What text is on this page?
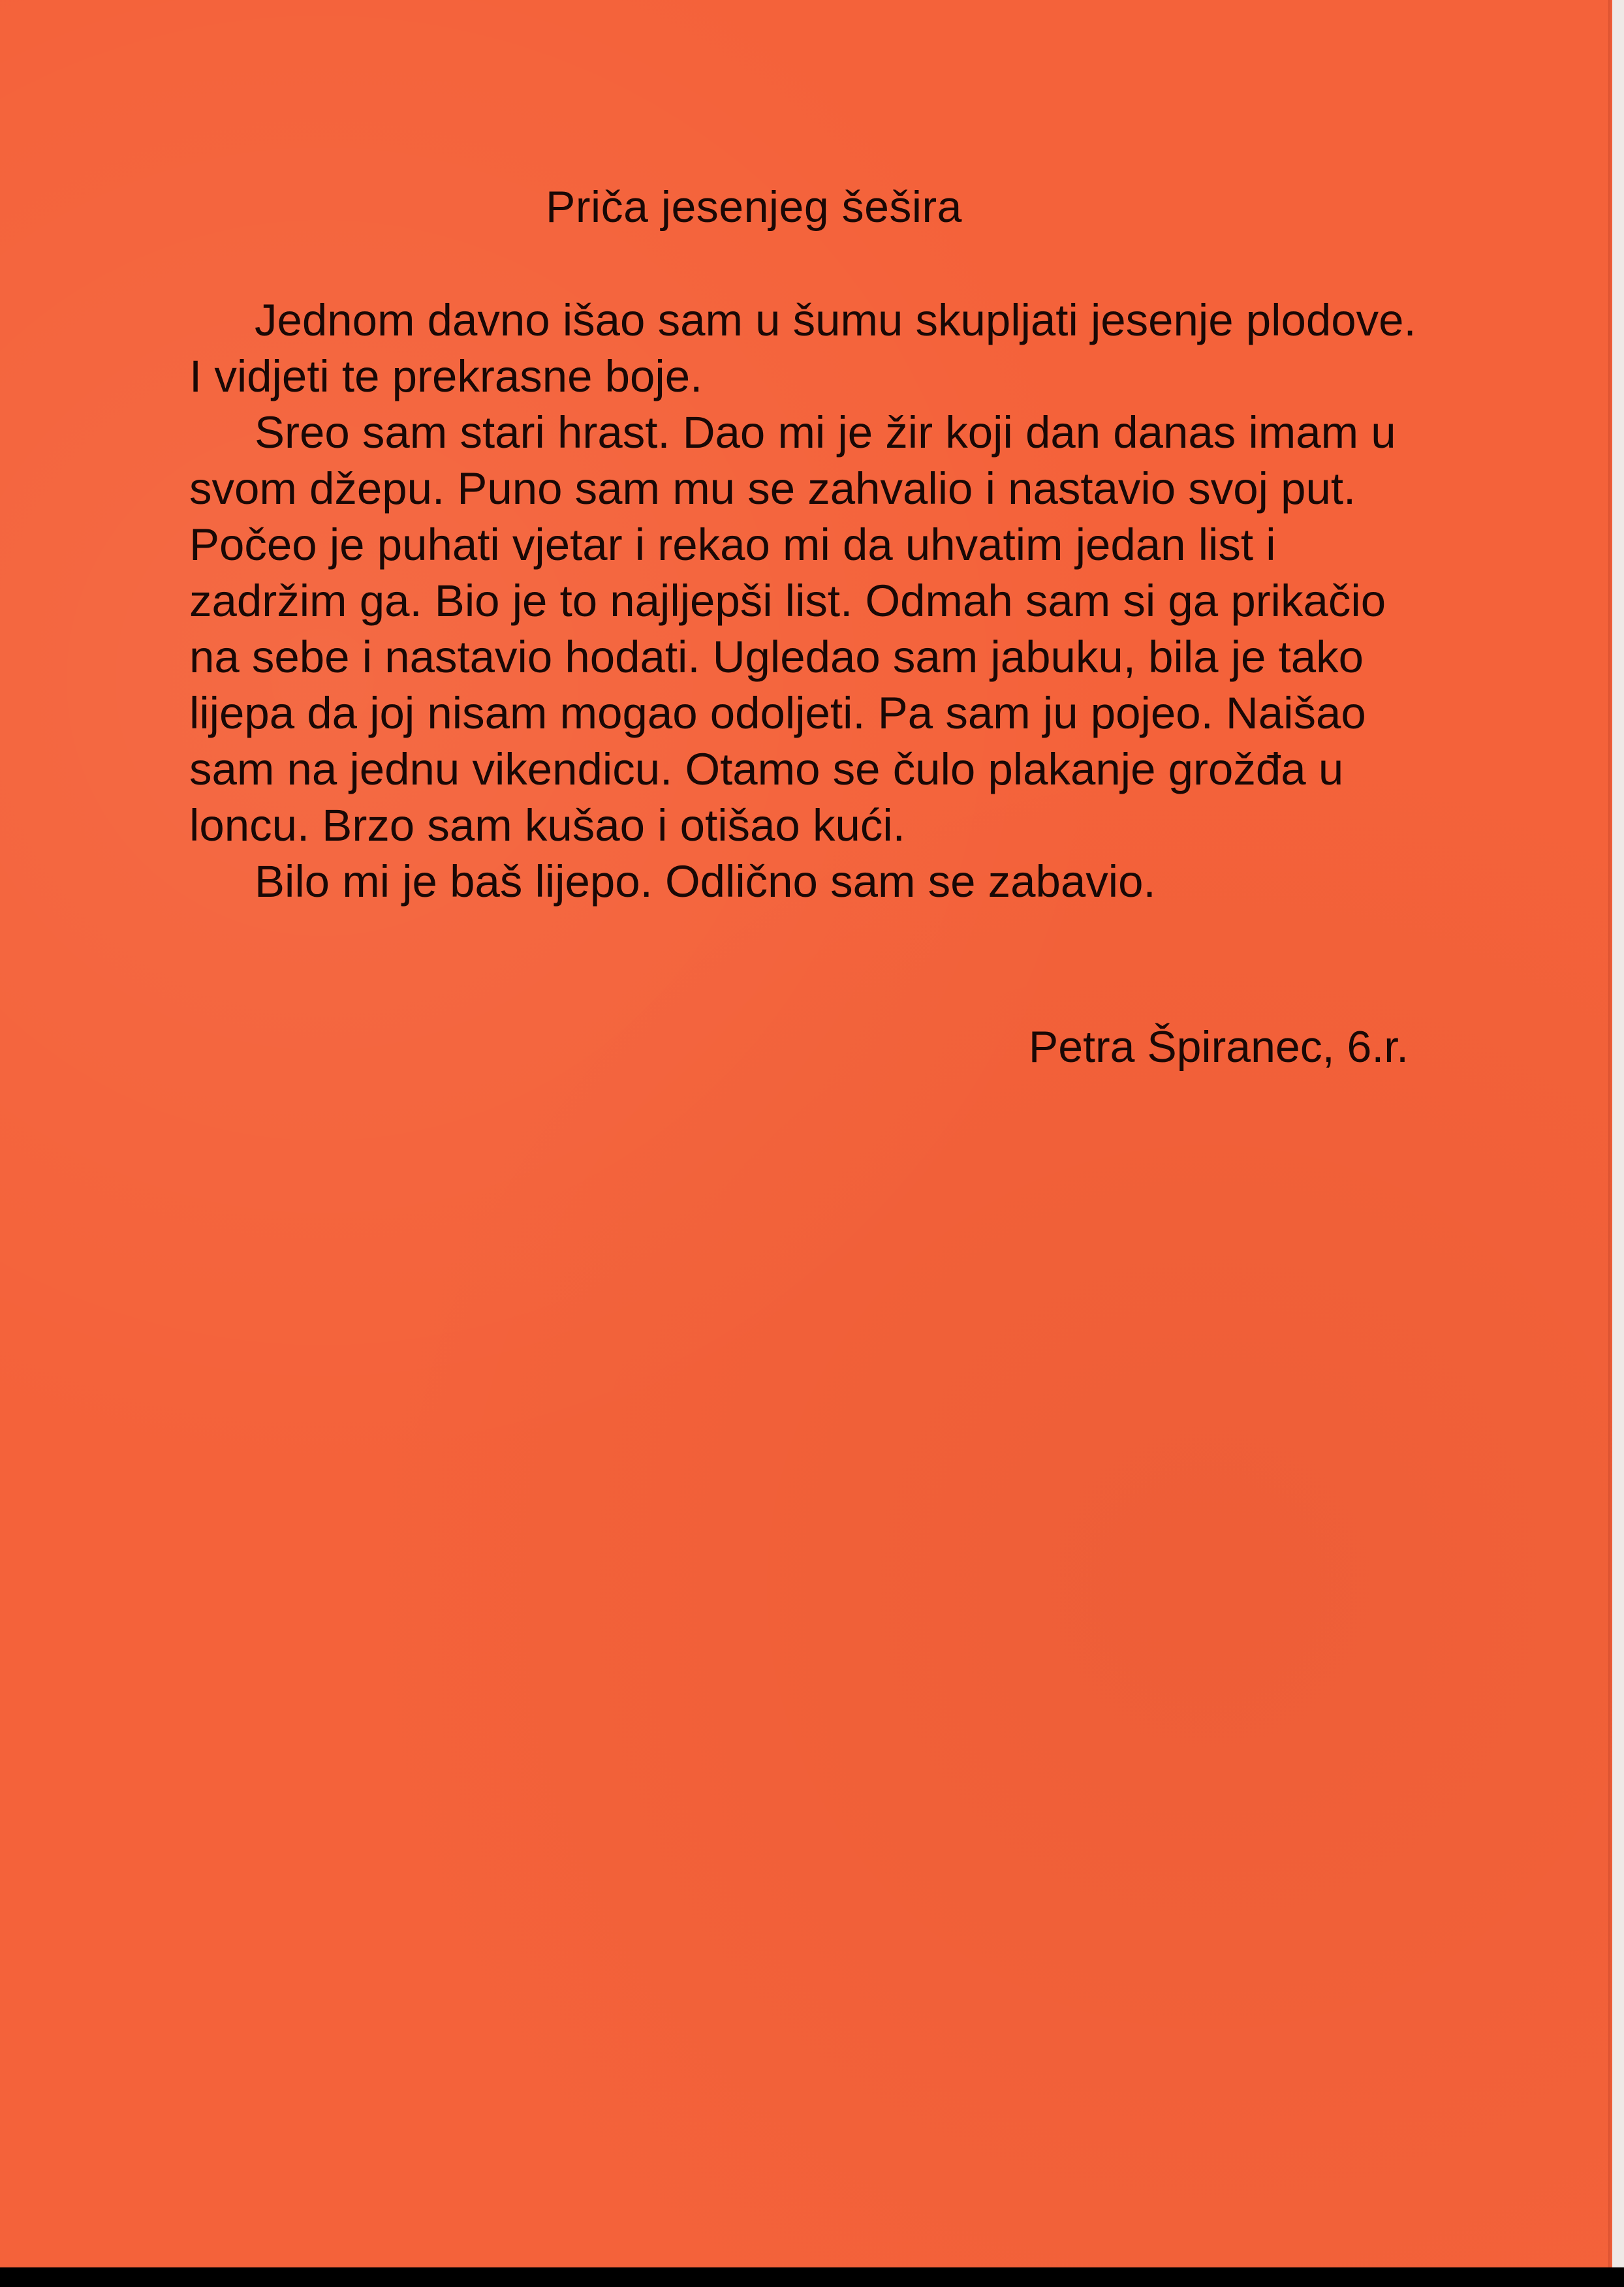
Priča jesenjeg šešira

Jednom davno išao sam u šumu skupljati jesenje plodove. I vidjeti te prekrasne boje.

Sreo sam stari hrast. Dao mi je žir koji dan danas imam u svom džepu. Puno sam mu se zahvalio i nastavio svoj put. Počeo je puhati vjetar i rekao mi da uhvatim jedan list i zadržim ga. Bio je to najljepši list. Odmah sam si ga prikačio na sebe i nastavio hodati. Ugledao sam jabuku, bila je tako lijepa da joj nisam mogao odoljeti. Pa sam ju pojeo. Naišao sam na jednu vikendicu. Otamo se čulo plakanje grožđa u loncu. Brzo sam kušao i otišao kući.

Bilo mi je baš lijepo. Odlično sam se zabavio.

Petra Špiranec, 6.r.
